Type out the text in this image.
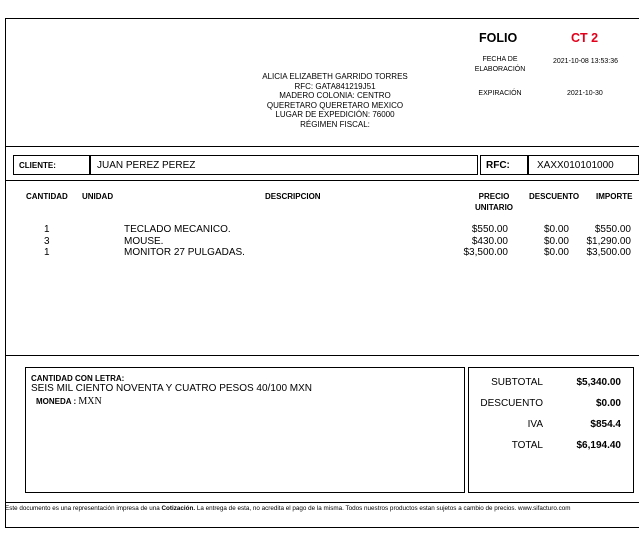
ALICIA ELIZABETH GARRIDO TORRES
RFC: GATA841219J51
MADERO COLONIA: CENTRO
QUERETARO QUERETARO MEXICO
LUGAR DE EXPEDICIÓN: 76000
RÉGIMEN FISCAL:
FOLIO	CT 2
FECHA DE
ELABORACIÓN
2021-10-08 13:53:36
EXPIRACIÓN	2021-10-30
CLIENTE:	JUAN PEREZ PEREZ	RFC:	XAXX010101000
CANTIDAD UNIDAD	DESCRIPCION	PRECIO
UNITARIO
DESCUENTO IMPORTE
1	TECLADO MECANICO.	$550.00	$0.00	$550.00
3	MOUSE.	$430.00	$0.00	$1,290.00
1	MONITOR 27 PULGADAS.	$3,500.00	$0.00	$3,500.00
CANTIDAD CON LETRA:
SEIS MIL CIENTO NOVENTA Y CUATRO PESOS 40/100 MXN
MONEDA : MXN
SUBTOTAL	$5,340.00
DESCUENTO	$0.00
IVA	$854.4
TOTAL	$6,194.40
Este documento es una representación impresa de una Cotización. La entrega de esta, no acredita el pago de la misma. Todos nuestros productos estan sujetos a cambio de precios. www.sifacturo.com
